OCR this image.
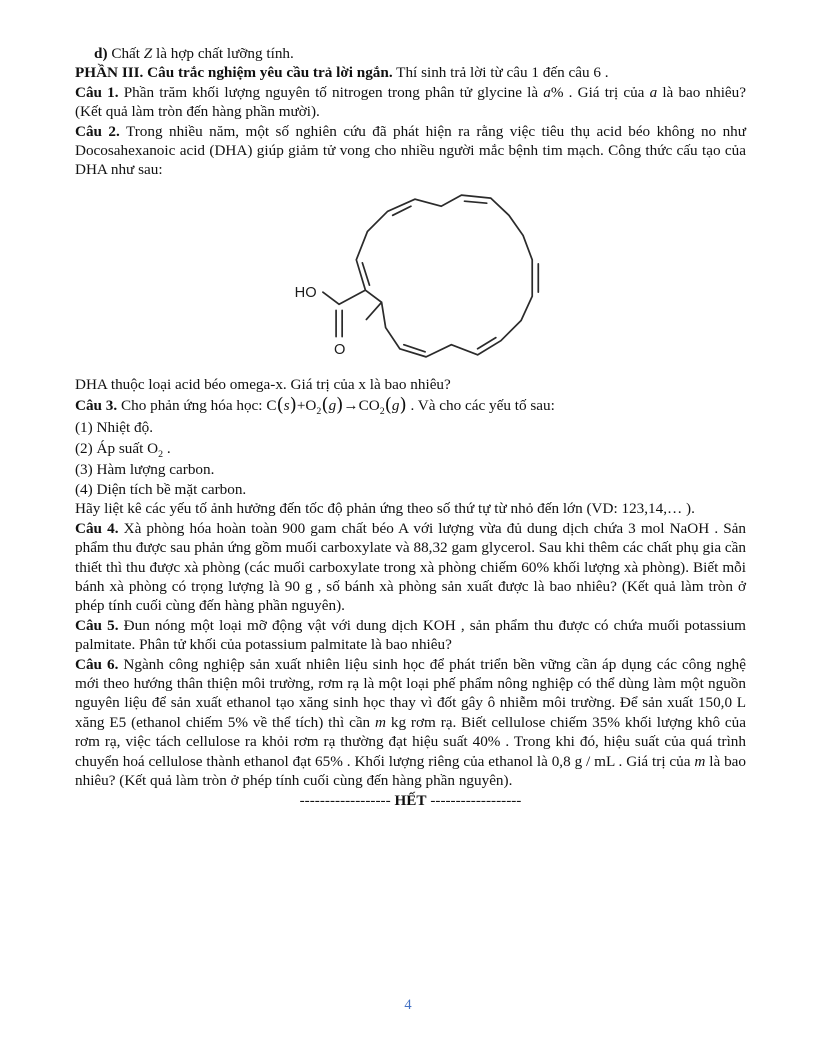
d) Chất Z là hợp chất lưỡng tính.

PHẦN III. Câu trắc nghiệm yêu cầu trả lời ngắn. Thí sinh trả lời từ câu 1 đến câu 6 .

Câu 1. Phần trăm khối lượng nguyên tố nitrogen trong phân tử glycine là a% . Giá trị của a là bao nhiêu? (Kết quả làm tròn đến hàng phần mười).

Câu 2. Trong nhiều năm, một số nghiên cứu đã phát hiện ra rằng việc tiêu thụ acid béo không no như Docosahexanoic acid (DHA) giúp giảm tử vong cho nhiều người mắc bệnh tim mạch. Công thức cấu tạo của DHA như sau:

HO
O

DHA thuộc loại acid béo omega-x. Giá trị của x là bao nhiêu?

Câu 3. Cho phản ứng hóa học: $C(s)+O_2(g)\to CO_2(g)$ . Và cho các yếu tố sau:

(1) Nhiệt độ.

(2) Áp suất $O_2$ .

(3) Hàm lượng carbon.

(4) Diện tích bề mặt carbon.

Hãy liệt kê các yếu tố ảnh hưởng đến tốc độ phản ứng theo số thứ tự từ nhỏ đến lớn (VD: 123,14,… ).

Câu 4. Xà phòng hóa hoàn toàn 900 gam chất béo A với lượng vừa đủ dung dịch chứa 3 mol NaOH . Sản phẩm thu được sau phản ứng gồm muối carboxylate và 88,32 gam glycerol. Sau khi thêm các chất phụ gia cần thiết thì thu được xà phòng (các muối carboxylate trong xà phòng chiếm 60% khối lượng xà phòng). Biết mỗi bánh xà phòng có trọng lượng là 90 g , số bánh xà phòng sản xuất được là bao nhiêu? (Kết quả làm tròn ở phép tính cuối cùng đến hàng phần nguyên).

Câu 5. Đun nóng một loại mỡ động vật với dung dịch KOH , sản phẩm thu được có chứa muối potassium palmitate. Phân tử khối của potassium palmitate là bao nhiêu?

Câu 6. Ngành công nghiệp sản xuất nhiên liệu sinh học để phát triển bền vững cần áp dụng các công nghệ mới theo hướng thân thiện môi trường, rơm rạ là một loại phế phẩm nông nghiệp có thể dùng làm một nguồn nguyên liệu để sản xuất ethanol tạo xăng sinh học thay vì đốt gây ô nhiễm môi trường. Để sản xuất 150,0 L xăng E5 (ethanol chiếm 5% về thể tích) thì cần m kg rơm rạ. Biết cellulose chiếm 35% khối lượng khô của rơm rạ, việc tách cellulose ra khỏi rơm rạ thường đạt hiệu suất 40% . Trong khi đó, hiệu suất của quá trình chuyển hoá cellulose thành ethanol đạt 65% . Khối lượng riêng của ethanol là 0,8 g / mL . Giá trị của m là bao nhiêu? (Kết quả làm tròn ở phép tính cuối cùng đến hàng phần nguyên).

------------------ HẾT ------------------

4
